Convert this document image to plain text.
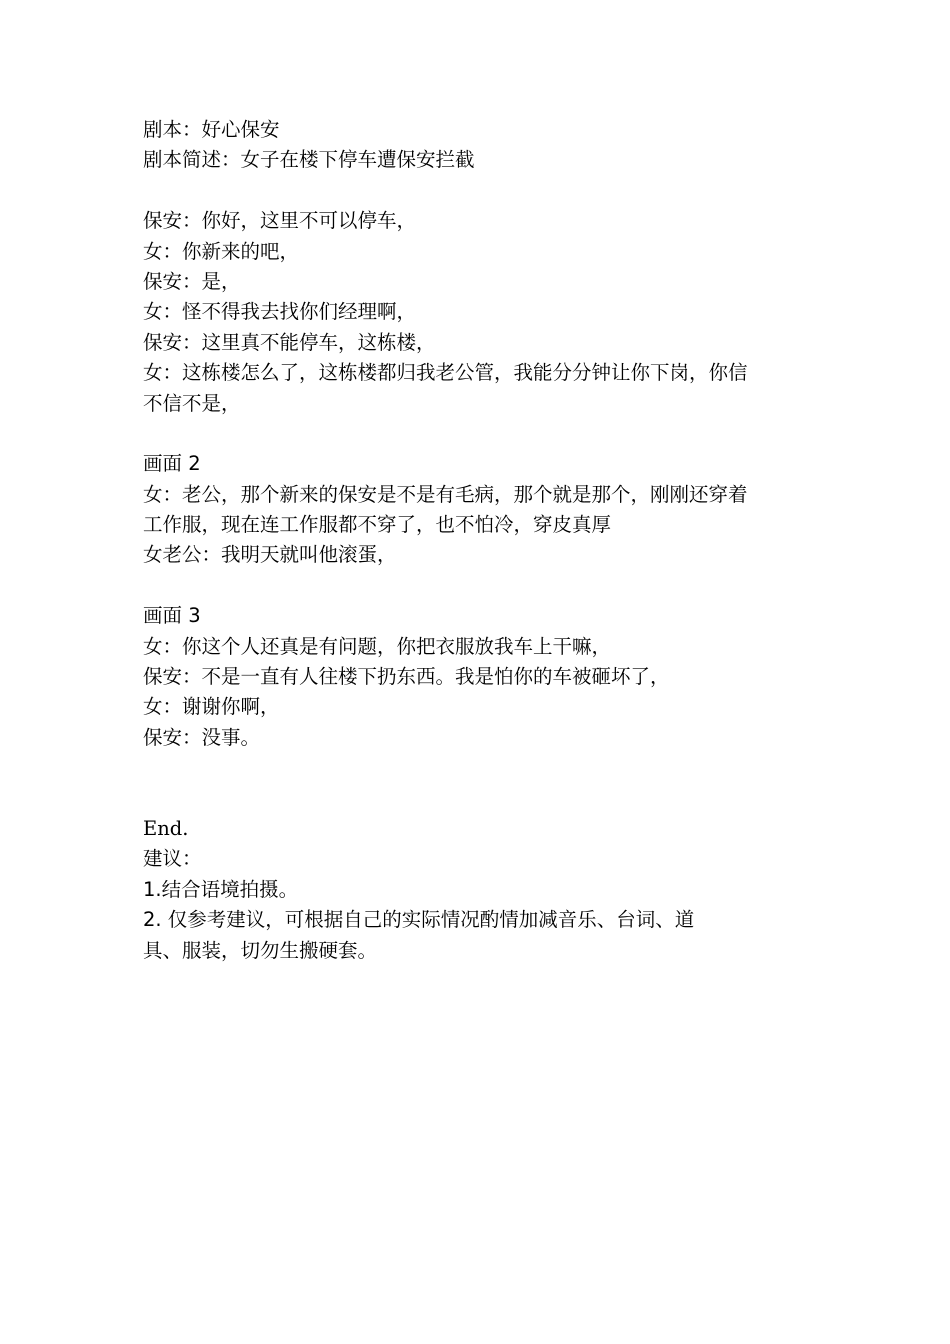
剧本：好心保安
剧本简述：女子在楼下停车遭保安拦截
保安：你好，这里不可以停车，
女：你新来的吧，
保安：是，
女：怪不得我去找你们经理啊，
保安：这里真不能停车，这栋楼，
女：这栋楼怎么了，这栋楼都归我老公管，我能分分钟让你下岗，你信
不信不是，
画面 2
女：老公，那个新来的保安是不是有毛病，那个就是那个，刚刚还穿着
工作服，现在连工作服都不穿了，也不怕冷，穿皮真厚
女老公：我明天就叫他滚蛋，
画面 3
女：你这个人还真是有问题，你把衣服放我车上干嘛，
保安：不是一直有人往楼下扔东西。我是怕你的车被砸坏了，
女：谢谢你啊，
保安：没事。
End.
建议：
1.结合语境拍摄。
2. 仅参考建议，可根据自己的实际情况酌情加减音乐、台词、道
具、服装，切勿生搬硬套。
